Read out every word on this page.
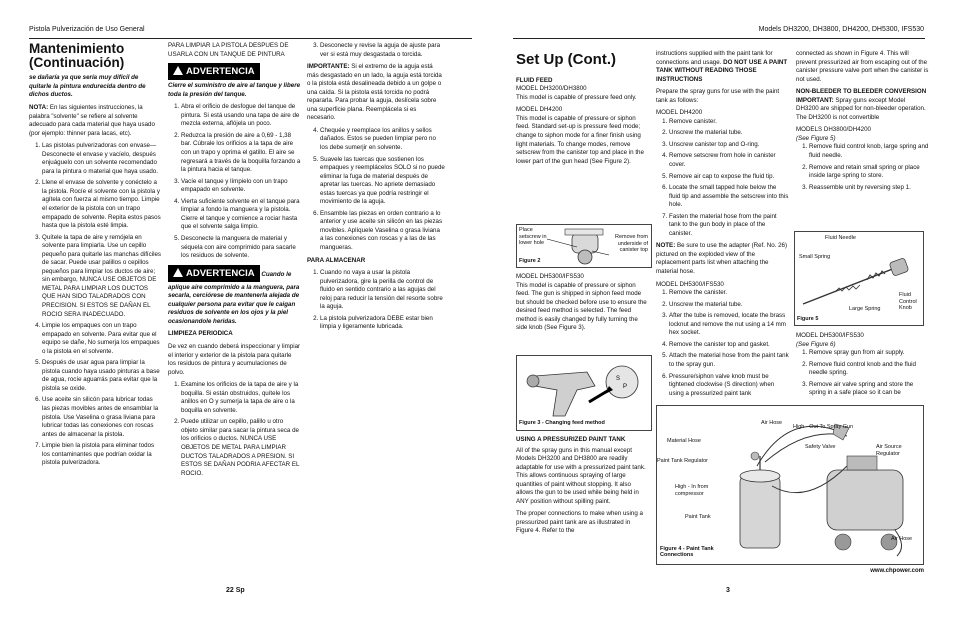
Pistola Pulverización de Uso General	Models DH3200, DH3800, DH4200, DH5300, IFS530
Mantenimiento (Continuación)

se dañaría ya que sería muy difícil de quitarle la pintura endurecida dentro de dichos ductos.

NOTA: En las siguientes instrucciones, la palabra "solvente" se refiere al solvente adecuado para cada material que haya usado (por ejemplo: thinner para lacas, etc).

1. Las pistolas pulverizadoras con envase—Desconecte el envase y vacíelo, después enjuáguelo con un solvente recomendado para la pintura o material que haya usado.
2. Llene el envase de solvente y conéctelo a la pistola. Rocíe el solvente con la pistola y agítela con fuerza al mismo tiempo. Limpie el exterior de la pistola con un trapo empapado de solvente. Repita estos pasos hasta que la pistola esté limpia.
3. Quítele la tapa de aire y remójela en solvente para limpiarla. Use un cepillo pequeño para quitarle las manchas difíciles de sacar. Puede usar palillos o cepillos pequeños para limpiar los ductos de aire; sin embargo, NUNCA USE OBJETOS DE METAL PARA LIMPIAR LOS DUCTOS QUE HAN SIDO TALADRADOS CON PRECISION. SI ESTOS SE DAÑAN EL ROCIO SERA INADECUADO.
4. Limpie los empaques con un trapo empapado en solvente. Para evitar que el equipo se dañe, No sumerja los empaques o la pistola en el solvente.
5. Después de usar agua para limpiar la pistola cuando haya usado pinturas a base de agua, rocíe aguarrás para evitar que la pistola se oxide.
6. Use aceite sin silicón para lubricar todas las piezas movibles antes de ensamblar la pistola. Use Vaselina o grasa liviana para lubricar todas las conexiones con roscas antes de almacenar la pistola.
7. Limpie bien la pistola para eliminar todos los contaminantes que podrían oxidar la pistola pulverizadora.

PARA LIMPIAR LA PISTOLA DESPUES DE USARLA CON UN TANQUE DE PINTURA

ADVERTENCIA

Cierre el suministro de aire al tanque y libere toda la presión del tanque.

1. Abra el orificio de desfogue del tanque de pintura. Si está usando una tapa de aire de mezcla externa, aflójela un poco.
2. Reduzca la presión de aire a 0,69 - 1,38 bar. Cúbrale los orificios a la tapa de aire con un trapo y oprima el gatillo. El aire se regresará a través de la boquilla forzando a la pintura hacia el tanque.
3. Vacíe el tanque y límpielo con un trapo empapado en solvente.
4. Vierta suficiente solvente en el tanque para limpiar a fondo la manguera y la pistola. Cierre el tanque y comience a rociar hasta que el solvente salga limpio.
5. Desconecte la manguera de material y séquela con aire comprimido para sacarle los residuos de solvente.
ADVERTENCIA Cuando le

aplique aire comprimido a la manguera, para secarla, cerciórese de mantenerla alejada de cualquier persona para evitar que le caigan residuos de solvente en los ojos y la piel ocasionandole heridas.

LIMPIEZA PERIODICA

De vez en cuando deberá inspeccionar y limpiar el interior y exterior de la pistola para quitarle los residuos de pintura y acumulaciones de polvo.

1. Examine los orificios de la tapa de aire y la boquilla. Si están obstruidos, quítele los anillos en O y sumerja la tapa de aire o la boquilla en solvente.
2. Puede utilizar un cepillo, palillo u otro objeto similar para sacar la pintura seca de los orificios o ductos. NUNCA USE OBJETOS DE METAL PARA LIMPIAR DUCTOS TALADRADOS A PRESION. SI ESTOS SE DAÑAN PODRIA AFECTAR EL ROCIO.
3. Desconecte y revise la aguja de ajuste para ver si está muy desgastada o torcida.

IMPORTANTE: Si el extremo de la aguja está más desgastado en un lado, la aguja está torcida o la pistola está desalineada debido a un golpe o una caída. Si la pistola está torcida no podrá repararla. Para probar la aguja, deslícela sobre una superficie plana. Reemplácela si es necesario.

4. Chequée y reemplace los anillos y sellos dañados. Estos se pueden limpiar pero no los debe sumerjir en solvente.
5. Suavele las tuercas que sostienen los empaques y reemplácelos SOLO si no puede eliminar la fuga de material después de apretar las tuercas. No apriete demasiado estas tuercas ya que podría restringir el movimiento de la aguja.
6. Ensamble las piezas en orden contrario a lo anterior y use aceite sin silicón en las piezas movibles. Aplíquele Vaselina o grasa liviana a las conexiones con roscas y a las de las mangueras.

PARA ALMACENAR

1. Cuando no vaya a usar la pistola pulverizadora, gire la perilla de control de fluido en sentido contrario a las agujas del reloj para reducir la tensión del resorte sobre la aguja.
2. La pistola pulverizadora DEBE estar bien limpia y ligeramente lubricada.
Set Up (Cont.)
FLUID FEED
MODEL DH3200/DH3800

This model is capable of pressure feed only.

MODEL DH4200

This model is capable of pressure or siphon feed. Standard set-up is pressure feed mode; change to siphon mode for a finer finish using light materials. To change modes, remove setscrew from the canister top and place in the lower part of the gun head (See Figure 2).

Place setscrew in lower hole
Remove from underside of canister top
Figure 2
MODEL DH5300/IFS530

This model is capable of pressure or siphon feed. The gun is shipped in siphon feed mode but should be checked before use to ensure the desired feed method is selected. The feed method is easily changed by fully turning the side knob (See Figure 3).

S
P
Figure 3 - Changing feed method
USING A PRESSURIZED PAINT TANK

All of the spray guns in this manual except Models DH3200 and DH3800 are readily adaptable for use with a pressurized paint tank. This allows continuous spraying of large quantities of paint without stopping. It also allows the gun to be used while being held in ANY position without spilling paint.

The proper connections to make when using a pressurized paint tank are as illustrated in Figure 4. Refer to the

instructions supplied with the paint tank for connections and usage. DO NOT USE A PAINT TANK WITHOUT READING THOSE INSTRUCTIONS

Prepare the spray guns for use with the paint tank as follows:

MODEL DH4200
1. Remove canister.
2. Unscrew the material tube.
3. Unscrew canister top and O-ring.
4. Remove setscrew from hole in canister cover.
5. Remove air cap to expose the fluid tip.
6. Locate the small tapped hole below the fluid tip and assemble the setscrew into this hole.
7. Fasten the material hose from the paint tank to the gun body in place of the canister.

NOTE: Be sure to use the adapter (Ref. No. 26) pictured on the exploded view of the replacement parts list when attaching the material hose.

MODEL DH5300/IFS530
1. Remove the canister.
2. Unscrew the material tube.
3. After the tube is removed, locate the brass locknut and remove the nut using a 14 mm hex socket.
4. Remove the canister top and gasket.
5. Attach the material hose from the paint tank to the spray gun.
6. Pressure/siphon valve knob must be tightened clockwise (S direction) when using a pressurized paint tank

connected as shown in Figure 4. This will prevent pressurized air from escaping out of the canister pressure valve port when the canister is not used.

NON-BLEEDER TO BLEEDER CONVERSION

IMPORTANT: Spray guns except Model DH3200 are shipped for non-bleeder operation. The DH3200 is not convertible

MODELS DH3800/DH4200
(See Figure 5)
1. Remove fluid control knob, large spring and fluid needle.
2. Remove and retain small spring or place inside large spring to store.
3. Reassemble unit by reversing step 1.
Fluid Needle
Small Spring
Large Spring
Fluid Control Knob
Figure 5
MODEL DH5300/IFS530
(See Figure 6)
1. Remove spray gun from air supply.
2. Remove fluid control knob and the fluid needle spring.
3. Remove air valve spring and store the spring in a safe place so it can be
Air Hose
High - Out To Spray Gun
Material Hose
Safety Valve	Air Source Regulator
Paint Tank Regulator
High - In from compressor
Paint Tank
Air Hose
Figure 4 - Paint Tank Connections
22 Sp	3
www.chpower.com
